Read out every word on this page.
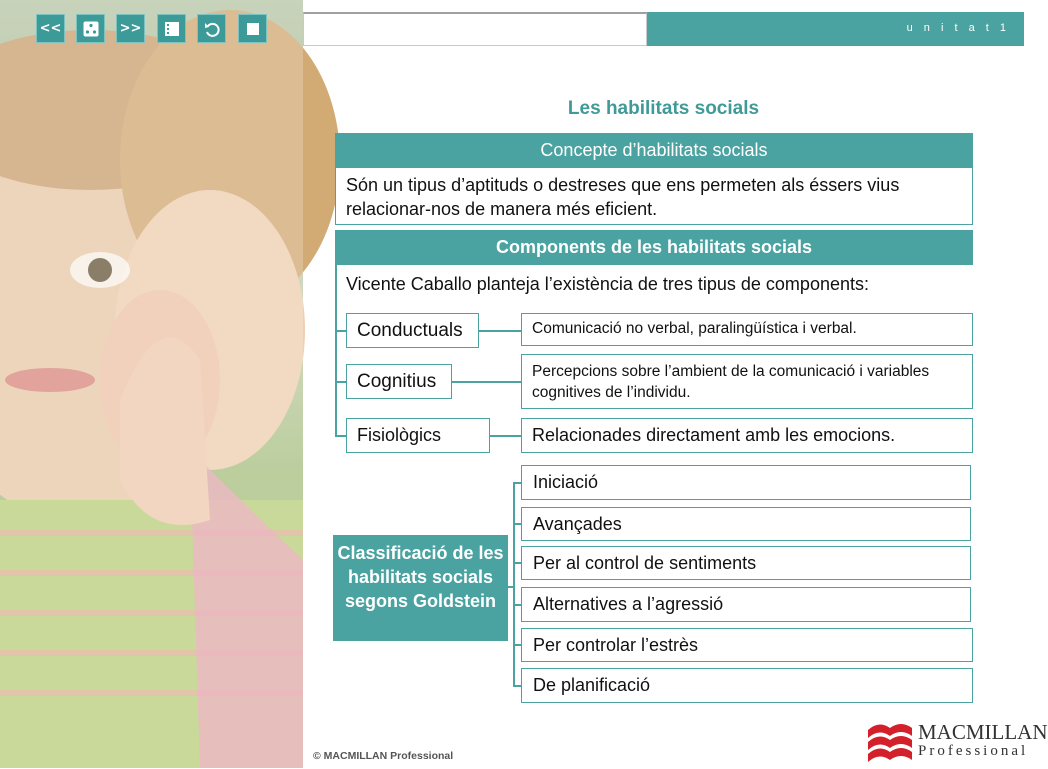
<<	>>	u n i t a t 1
Les habilitats socials
Concepte d’habilitats socials
Són un tipus d’aptituds o destreses que ens permeten als éssers vius relacionar-nos de manera més eficient.
Components de les habilitats socials
Vicente Caballo planteja l’existència de tres tipus de components:
Conductuals
Cognitius
Fisiològics
Comunicació no verbal, paralingüística i verbal.
Percepcions sobre l’ambient de la comunicació i variables cognitives de l’individu.
Relacionades directament amb les emocions.
Classificació de les habilitats socials segons Goldstein
Iniciació
Avançades
Per al control de sentiments
Alternatives a l’agressió
Per controlar l’estrès
De planificació
© MACMILLAN Professional
MACMILLAN
Professional
